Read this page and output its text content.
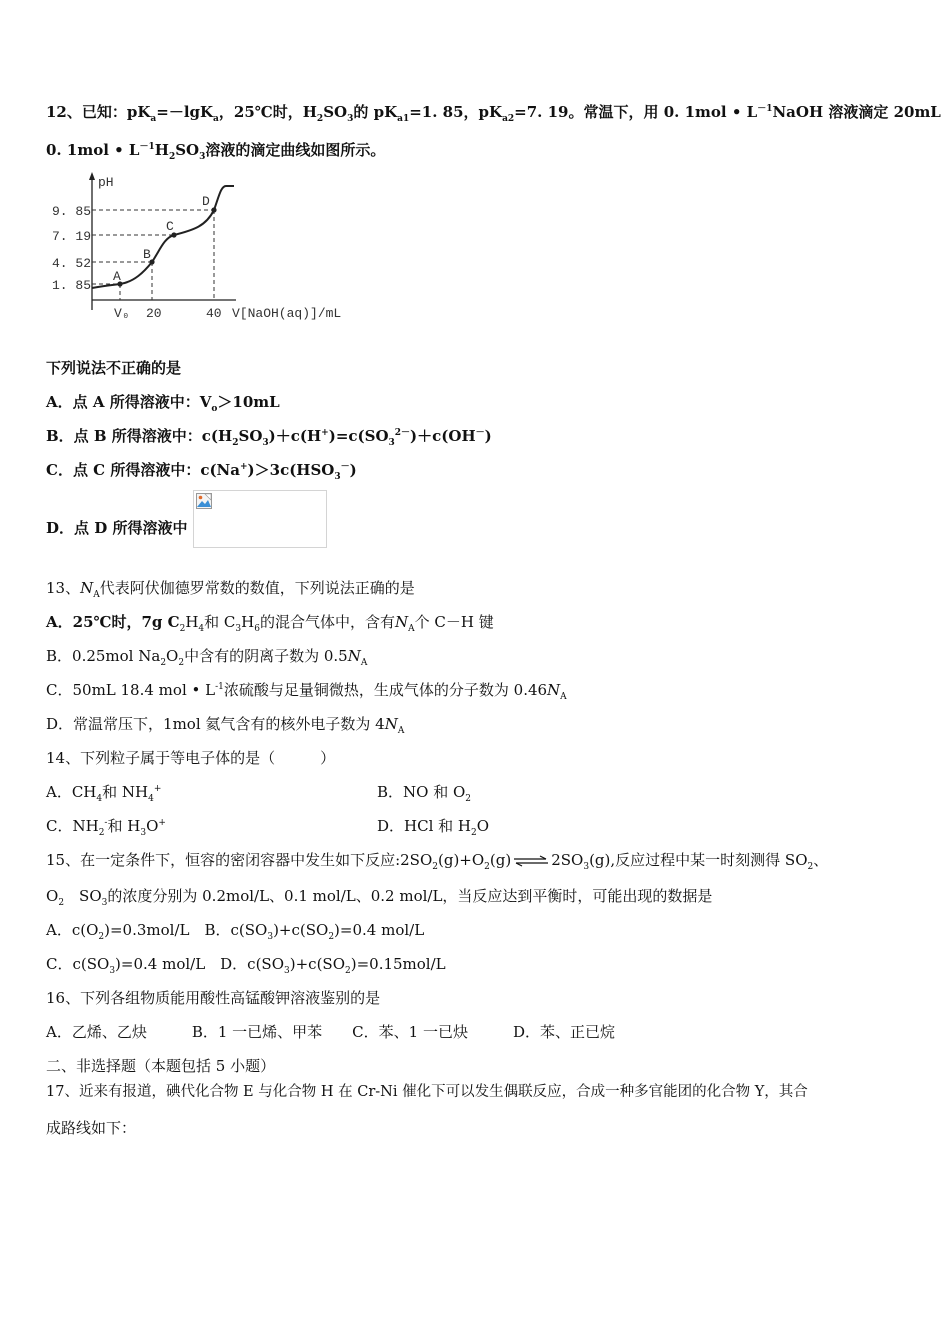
12、已知：$pK_a=-\lg K_a$，25℃时，$H_2SO_3$的 $pK_{a1}=1$. 85，$pK_{a2}=7$. 19。常温下，用 0. 1mol • $L^{-1}NaOH$ 溶液滴定 20mL
0. 1mol • $L^{-1}H_2SO_3$溶液的滴定曲线如图所示。
pH
9. 85
7. 19
4. 52
1. 85
A
B
C
D
V₀ 20	40 V[NaOH(aq)]/mL
下列说法不正确的是
A．点 A 所得溶液中：$V_o>10mL$
B．点 B 所得溶液中：$c(H_2SO_3)+c(H^+)=c(SO_3^{2-})+c(OH^-)$
C．点 C 所得溶液中：$c(Na^+)>3c(HSO_3^-)$
D．点 D 所得溶液中
13、$N_A$代表阿伏伽德罗常数的数值，下列说法正确的是
A．25℃时，7g $C_2H_4$和 $C_3H_6$的混合气体中，含有$N_A$个 C－H 键
B．0.25mol $Na_2O_2$中含有的阴离子数为 $0.5N_A$
C．50mL 18.4 mol • $L^{-1}$浓硫酸与足量铜微热，生成气体的分子数为 $0.46N_A$
D．常温常压下，1mol 氦气含有的核外电子数为 $4N_A$
14、下列粒子属于等电子体的是（　　　）
A．$CH_4$和 $NH_4^+$	B．NO 和 $O_2$
C．$NH_2^-$和 $H_3O^+$	D．HCl 和 $H_2O$
15、在一定条件下，恒容的密闭容器中发生如下反应$:2SO_2(g)+O_2(g)$ ⇌ $2SO_3(g)$,反应过程中某一时刻测得 $SO_2$、
$O_2$　$SO_3$的浓度分别为 0.2mol/L、0.1 mol/L、0.2 mol/L，当反应达到平衡时，可能出现的数据是
A．$c(O_2)=0.3mol/L$　B．$c(SO_3)+c(SO_2)=0.4$ mol/L
C．$c(SO_3)=0.4$ mol/L　D．$c(SO_3)+c(SO_2)=0.15mol/L$
16、下列各组物质能用酸性高锰酸钾溶液鉴别的是
A．乙烯、乙炔　　　B．1 一已烯、甲苯　　C．苯、1 一已炔　　　D．苯、正已烷
二、非选择题（本题包括 5 小题）
17、近来有报道，碘代化合物 E 与化合物 H 在 Cr-Ni 催化下可以发生偶联反应，合成一种多官能团的化合物 Y，其合
成路线如下：
